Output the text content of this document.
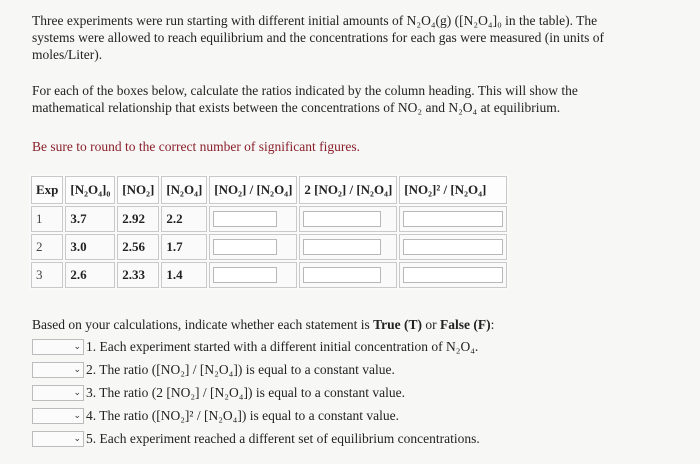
Three experiments were run starting with different initial amounts of N₂O₄(g) ([N₂O₄]₀ in the table). The
systems were allowed to reach equilibrium and the concentrations for each gas were measured (in units of
moles/Liter).
For each of the boxes below, calculate the ratios indicated by the column heading. This will show the
mathematical relationship that exists between the concentrations of NO₂ and N₂O₄ at equilibrium.
Be sure to round to the correct number of significant figures.
Exp	[N₂O₄]₀	[NO₂]	[N₂O₄]	[NO₂] / [N₂O₄]	2 [NO₂] / [N₂O₄]	[NO₂]² / [N₂O₄]
1	3.7	2.92	2.2	

2	3.0	2.56	1.7	

3	2.6	2.33	1.4	

Based on your calculations, indicate whether each statement is True (T) or False (F):
⌄ 1. Each experiment started with a different initial concentration of N₂O₄.
⌄ 2. The ratio ([NO₂] / [N₂O₄]) is equal to a constant value.
⌄ 3. The ratio (2 [NO₂] / [N₂O₄]) is equal to a constant value.
⌄ 4. The ratio ([NO₂]² / [N₂O₄]) is equal to a constant value.
⌄ 5. Each experiment reached a different set of equilibrium concentrations.
